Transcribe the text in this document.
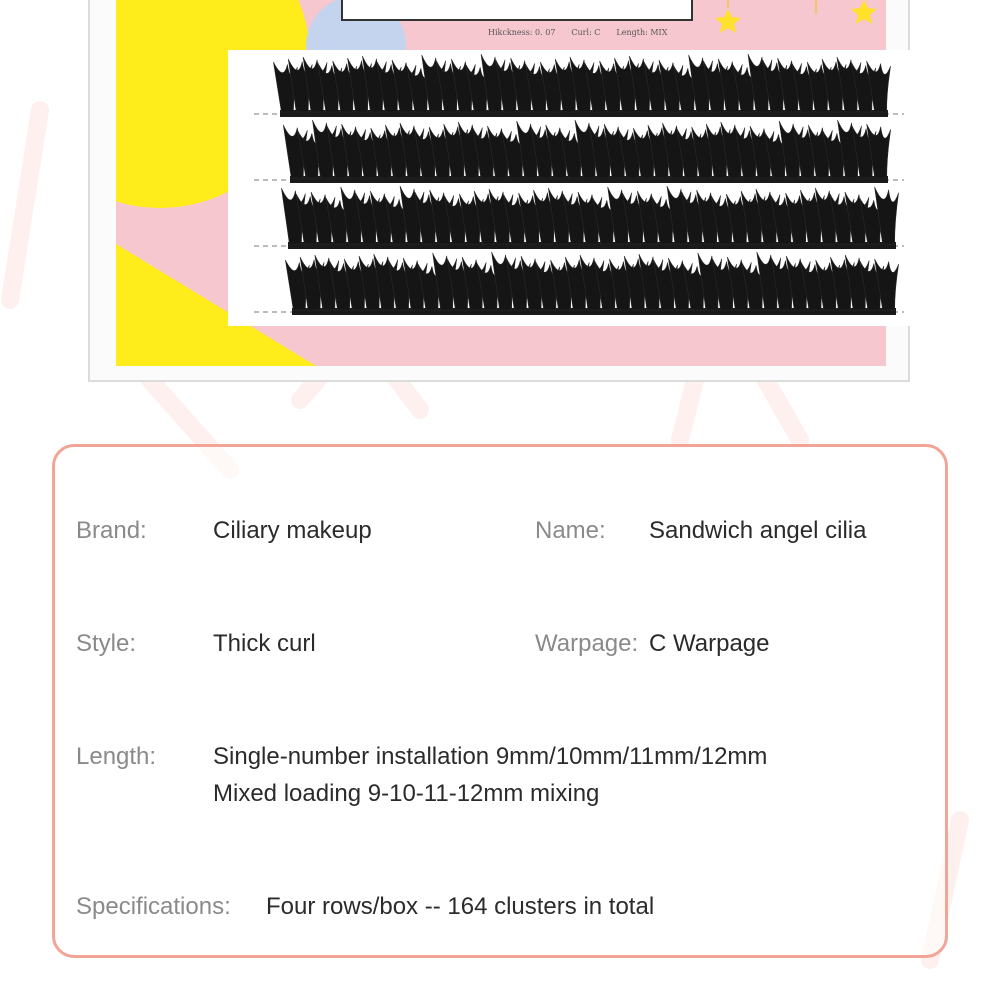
Hikckness: 0. 07 Curl: C Length: MIX
Brand:	Ciliary makeup	Name: Sandwich angel cilia
Style:	Thick curl	Warpage: C Warpage
Length: Single-number installation 9mm/10mm/11mm/12mm
Mixed loading 9-10-11-12mm mixing
Specifications: Four rows/box -- 164 clusters in total
